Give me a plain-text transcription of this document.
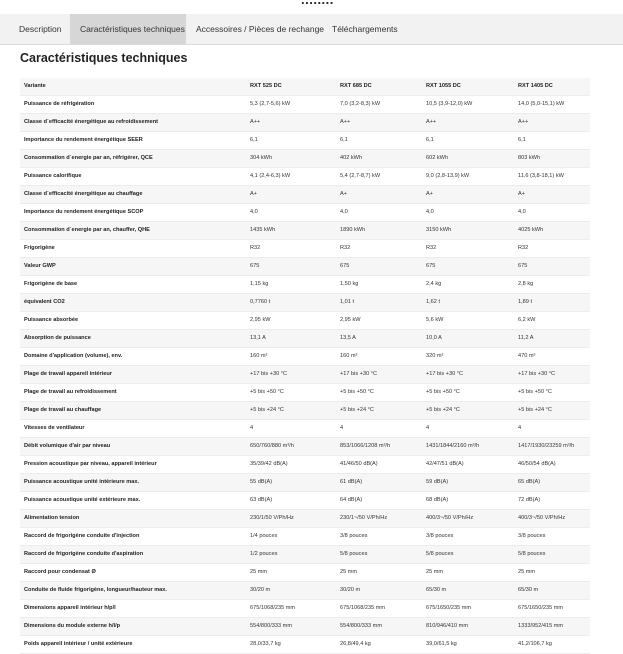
Description	Caractéristiques techniques	Accessoires / Pièces de rechange Téléchargements
Caractéristiques techniques
Variante	RXT 525 DC	RXT 685 DC	RXT 1055 DC	RXT 1405 DC
Puissance de réfrigération	5,3 (2,7-5,6) kW	7,0 (3,2-8,3) kW	10,5 (3,9-12,0) kW	14,0 (5,0-15,1) kW
Classe d´efficacité énergétique au refroidissement	A++	A++	A++	A++
Importance du rendement énergétique SEER	6,1	6,1	6,1	6,1
Consommation d´energie par an, réfrigérer, QCE	304 kWh	402 kWh	602 kWh	803 kWh
Puissance calorifique	4,1 (2,4-6,3) kW	5,4 (2,7-8,7) kW	9,0 (2,8-13,9) kW	11,6 (3,8-18,1) kW
Classe d´efficacité énergétique au chauffage	A+	A+	A+	A+
Importance du rendement énergétique SCOP	4,0	4,0	4,0	4,0
Consommation d´energie par an, chauffer, QHE	1435 kWh	1890 kWh	3150 kWh	4025 kWh
Frigorigène	R32	R32	R32	R32
Valeur GWP	675	675	675	675
Frigorigène de base	1,15 kg	1,50 kg	2,4 kg	2,8 kg
équivalent CO2	0,7760 t	1,01 t	1,62 t	1,89 t
Puissance absorbée	2,95 kW	2,95 kW	5,6 kW	6,2 kW
Absorption de puissance	13,1 A	13,5 A	10,0 A	11,2 A
Domaine d'application (volume), env.	160 m³	160 m³	320 m³	470 m³
Plage de travail appareil intérieur	+17 bis +30 °C	+17 bis +30 °C	+17 bis +30 °C	+17 bis +30 °C
Plage de travail au refroidissement	+5 bis +50 °C	+5 bis +50 °C	+5 bis +50 °C	+5 bis +50 °C
Plage de travail au chauffage	+5 bis +24 °C	+5 bis +24 °C	+5 bis +24 °C	+5 bis +24 °C
Vitesses de ventilateur	4	4	4	4
Débit volumique d'air par niveau	650/760/880 m³/h	853/1066/1208 m³/h	1431/1844/2160 m³/h	1417/1930/23259 m³/h
Pression acoustique par niveau, appareil intérieur	35/39/42 dB(A)	41/46/50 dB(A)	42/47/51 dB(A)	46/50/54 dB(A)
Puissance acoustique unité intérieure max.	55 dB(A)	61 dB(A)	59 dB(A)	65 dB(A)
Puissance acoustique unité extérieure max.	63 dB(A)	64 dB(A)	68 dB(A)	72 dB(A)
Alimentation tension	230/1/50 V/Ph/Hz	230/1~/50 V/Ph/Hz	400/3~/50 V/Ph/Hz	400/3~/50 V/Ph/Hz
Raccord de frigorigène conduite d'injection	1/4 pouces	3/8 pouces	3/8 pouces	3/8 pouces
Raccord de frigorigène conduite d'aspiration	1/2 pouces	5/8 pouces	5/8 pouces	5/8 pouces
Raccord pour condensat Ø	25 mm	25 mm	25 mm	25 mm
Conduite de fluide frigorigène, longueur/hauteur max.	30/20 m	30/20 m	65/30 m	65/30 m
Dimensions appareil intérieur h/p/l	675/1068/235 mm	675/1068/235 mm	675/1650/235 mm	675/1650/235 mm
Dimensions du module externe h/l/p	554/800/333 mm	554/800/333 mm	810/946/410 mm	1333/952/415 mm
Poids appareil intérieur / unité extérieure	28,0/33,7 kg	26,8/49,4 kg	39,0/61,5 kg	41,2/106,7 kg
